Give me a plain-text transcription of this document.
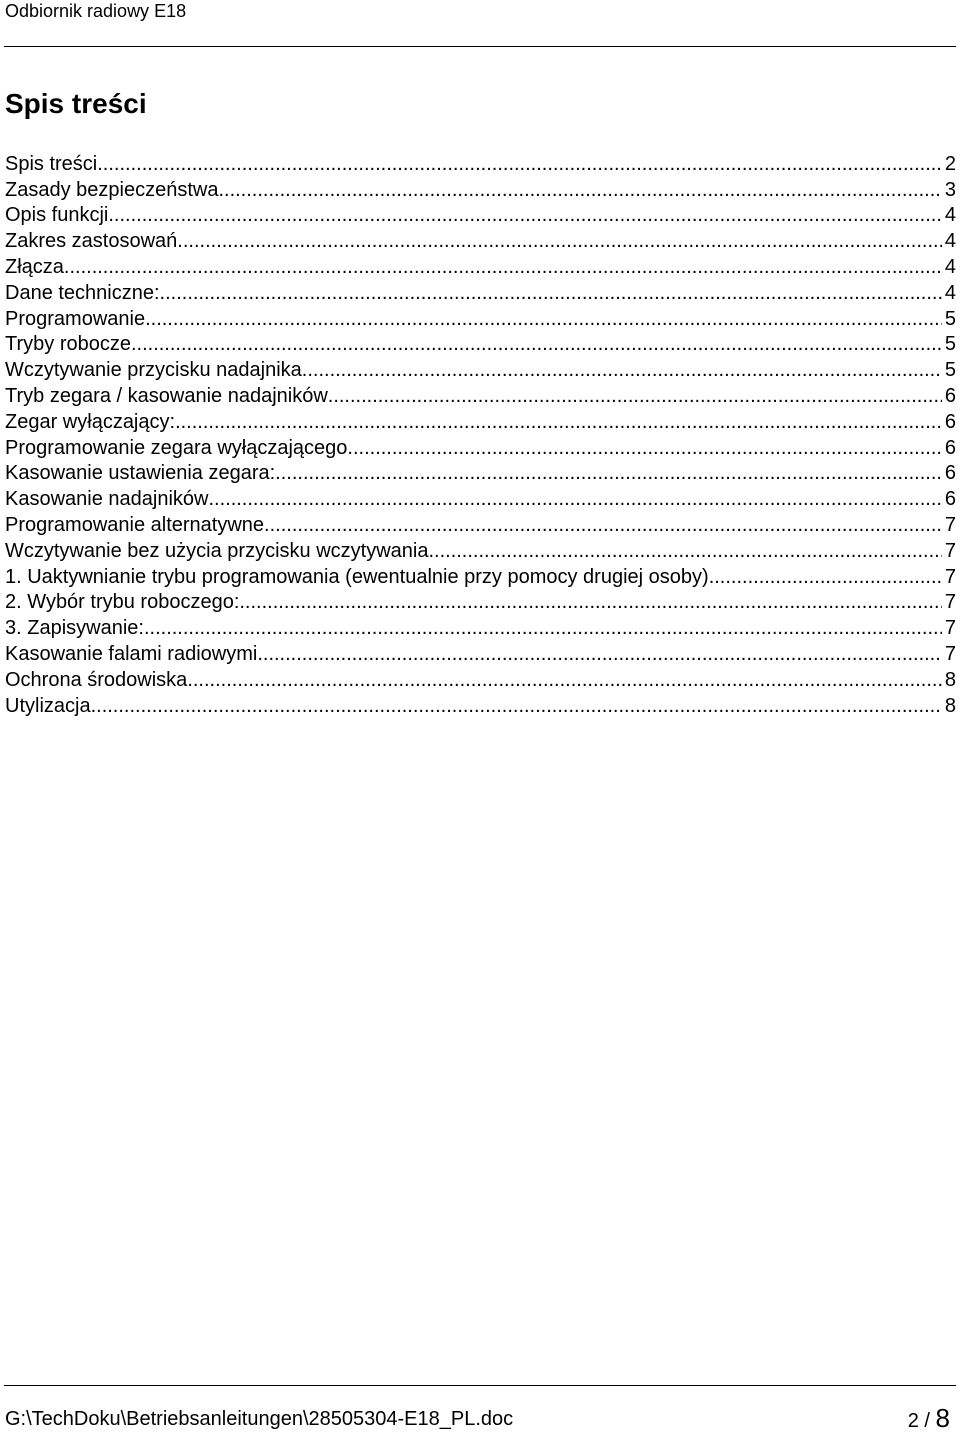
Odbiornik radiowy E18
Spis treści
Spis treści .....	2
Zasady bezpieczeństwa .....	3
Opis funkcji .....	4
Zakres zastosowań .....	4
Złącza .....	4
Dane techniczne: .....	4
Programowanie .....	5
Tryby robocze .....	5
Wczytywanie przycisku nadajnika .....	5
Tryb zegara / kasowanie nadajników .....	6
Zegar wyłączający: .....	6
Programowanie zegara wyłączającego .....	6
Kasowanie ustawienia zegara: .....	6
Kasowanie nadajników .....	6
Programowanie alternatywne .....	7
Wczytywanie bez użycia przycisku wczytywania .....	7
1. Uaktywnianie trybu programowania (ewentualnie przy pomocy drugiej osoby) .....	7
2. Wybór trybu roboczego: .....	7
3. Zapisywanie: .....	7
Kasowanie falami radiowymi .....	7
Ochrona środowiska .....	8
Utylizacja .....	8
G:\TechDoku\Betriebsanleitungen\28505304-E18_PL.doc	2 / 8
